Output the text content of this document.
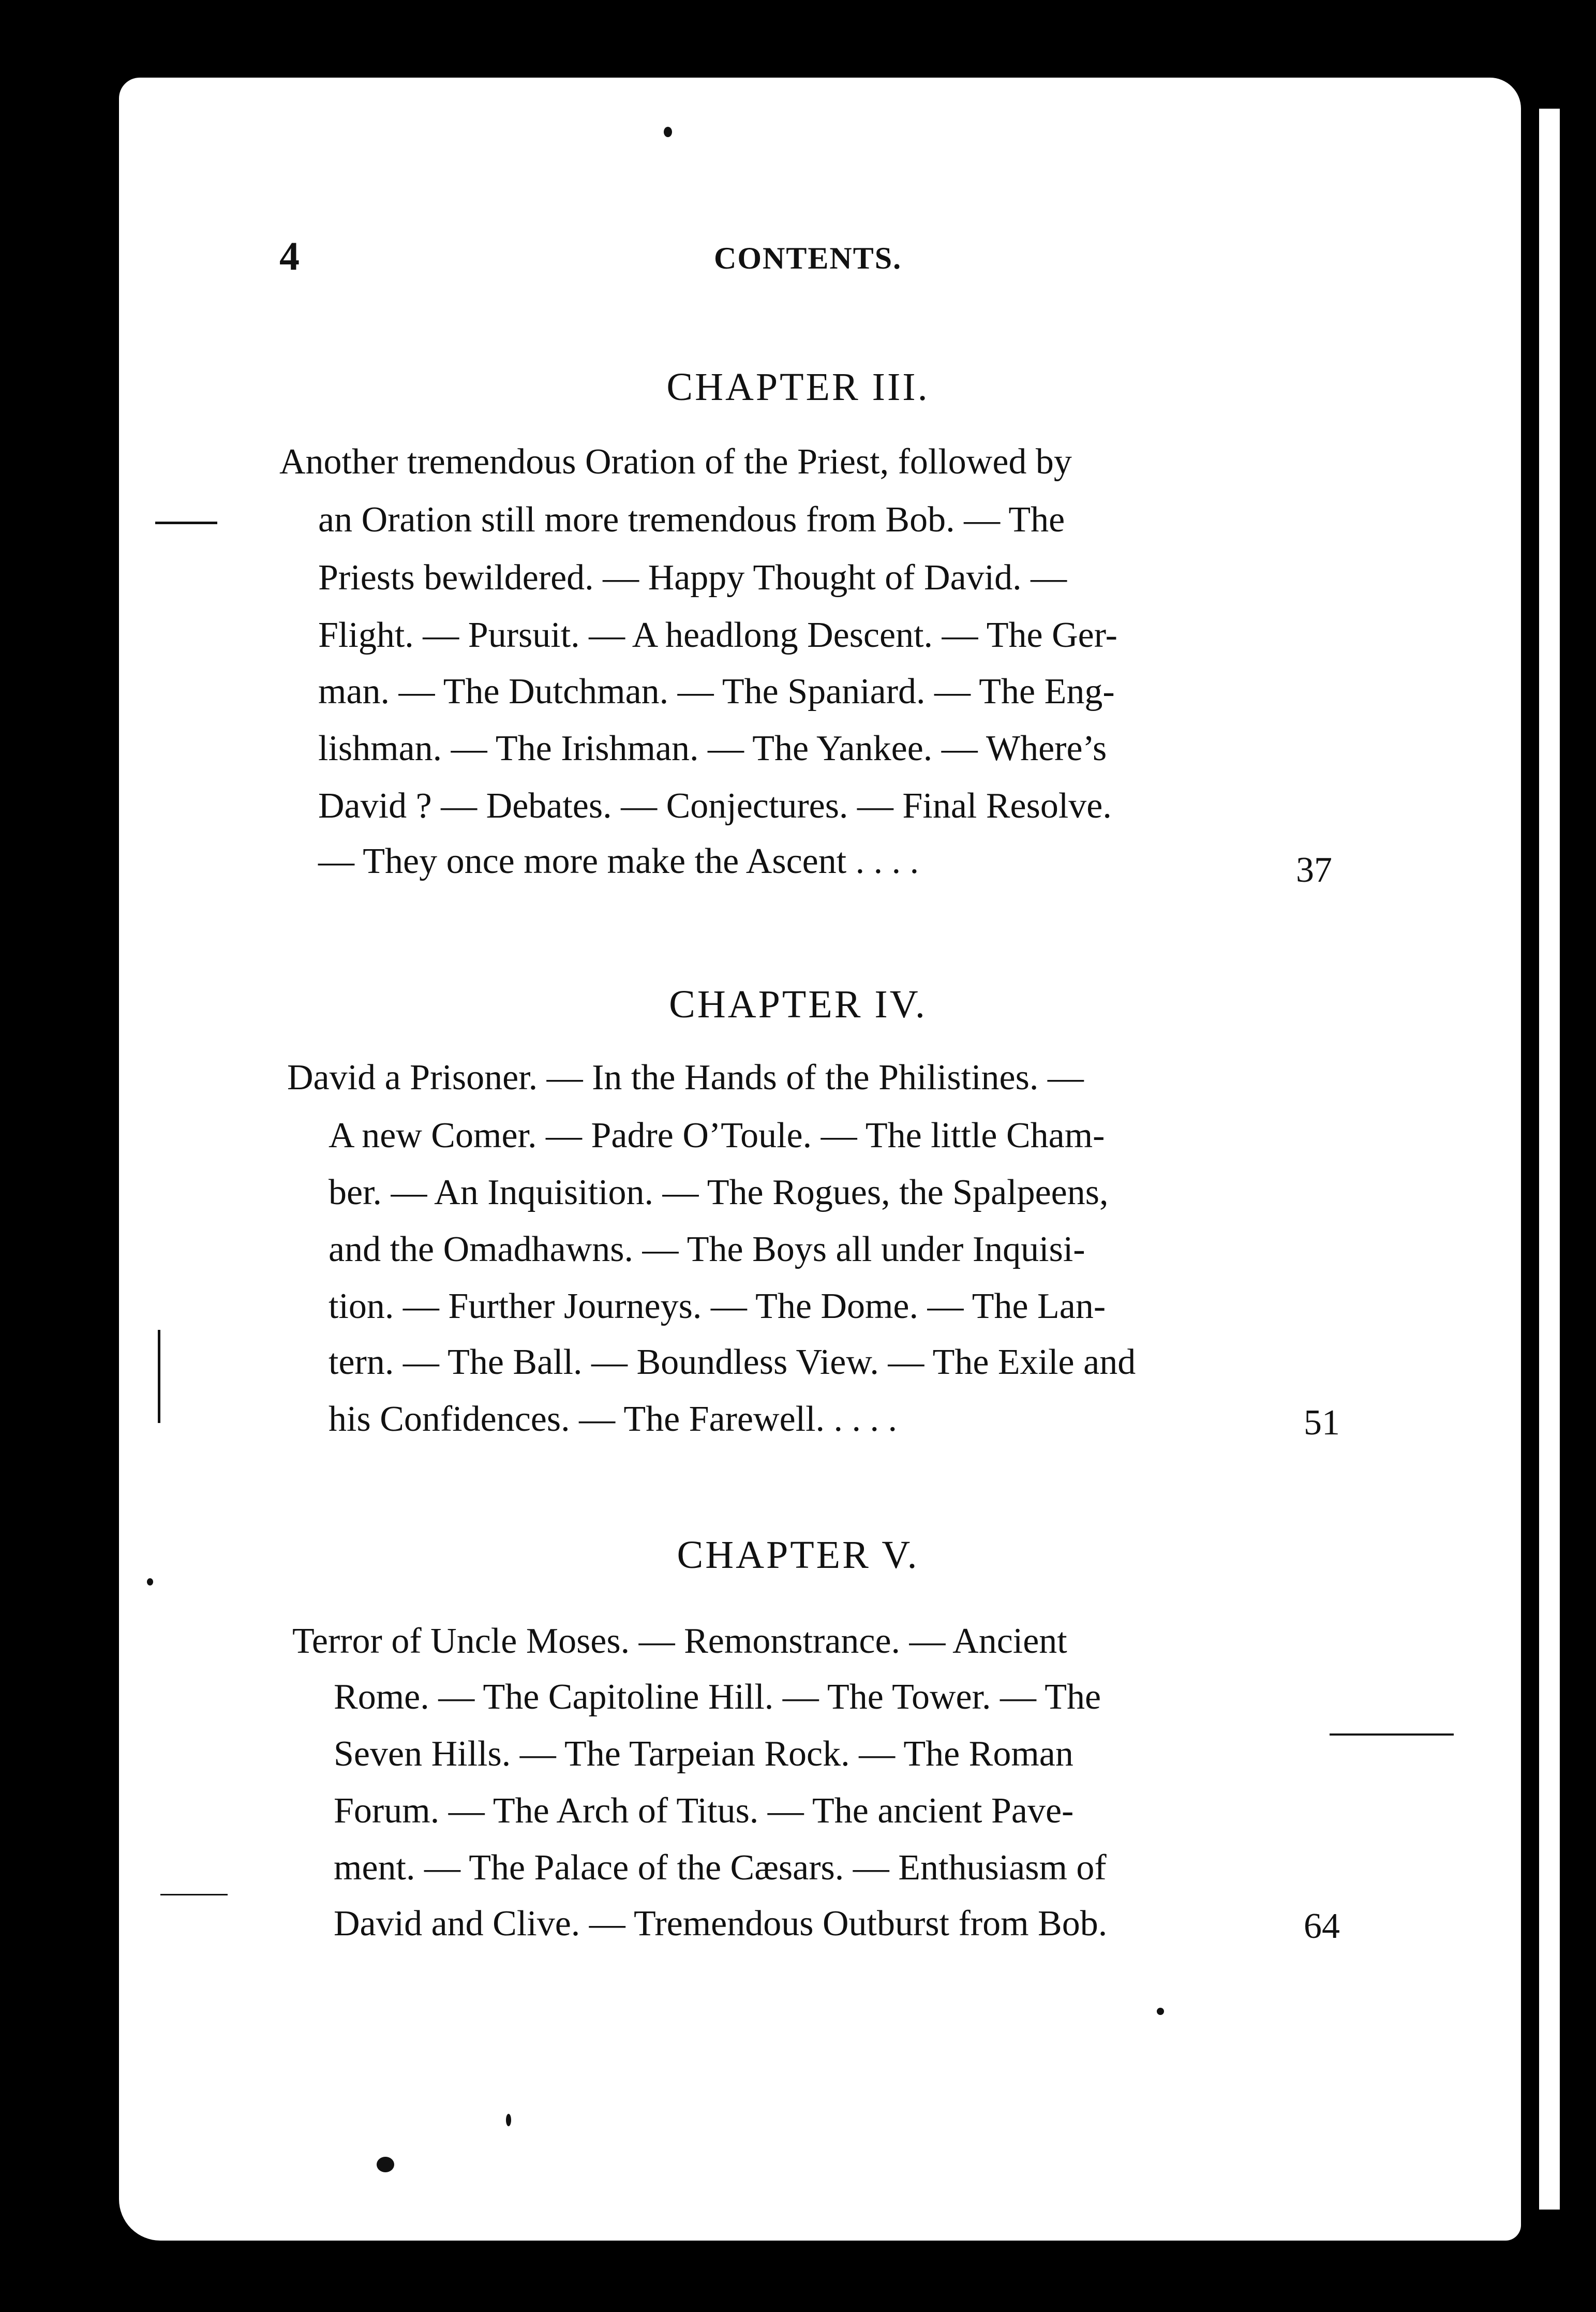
4	CONTENTS.
CHAPTER III.
Another tremendous Oration of the Priest, followed by
an Oration still more tremendous from Bob. — The
Priests bewildered. — Happy Thought of David. —
Flight. — Pursuit. — A headlong Descent. — The Ger-
man. — The Dutchman. — The Spaniard. — The Eng-
lishman. — The Irishman. — The Yankee. — Where’s
David ? — Debates. — Conjectures. — Final Resolve.
— They once more make the Ascent . . . .	37
CHAPTER IV.
David a Prisoner. — In the Hands of the Philistines. —
A new Comer. — Padre O’Toule. — The little Cham-
ber. — An Inquisition. — The Rogues, the Spalpeens,
and the Omadhawns. — The Boys all under Inquisi-
tion. — Further Journeys. — The Dome. — The Lan-
tern. — The Ball. — Boundless View. — The Exile and
his Confidences. — The Farewell. . . . .	51
CHAPTER V.
Terror of Uncle Moses. — Remonstrance. — Ancient
Rome. — The Capitoline Hill. — The Tower. — The
Seven Hills. — The Tarpeian Rock. — The Roman
Forum. — The Arch of Titus. — The ancient Pave-
ment. — The Palace of the Cæsars. — Enthusiasm of
David and Clive. — Tremendous Outburst from Bob.	64
